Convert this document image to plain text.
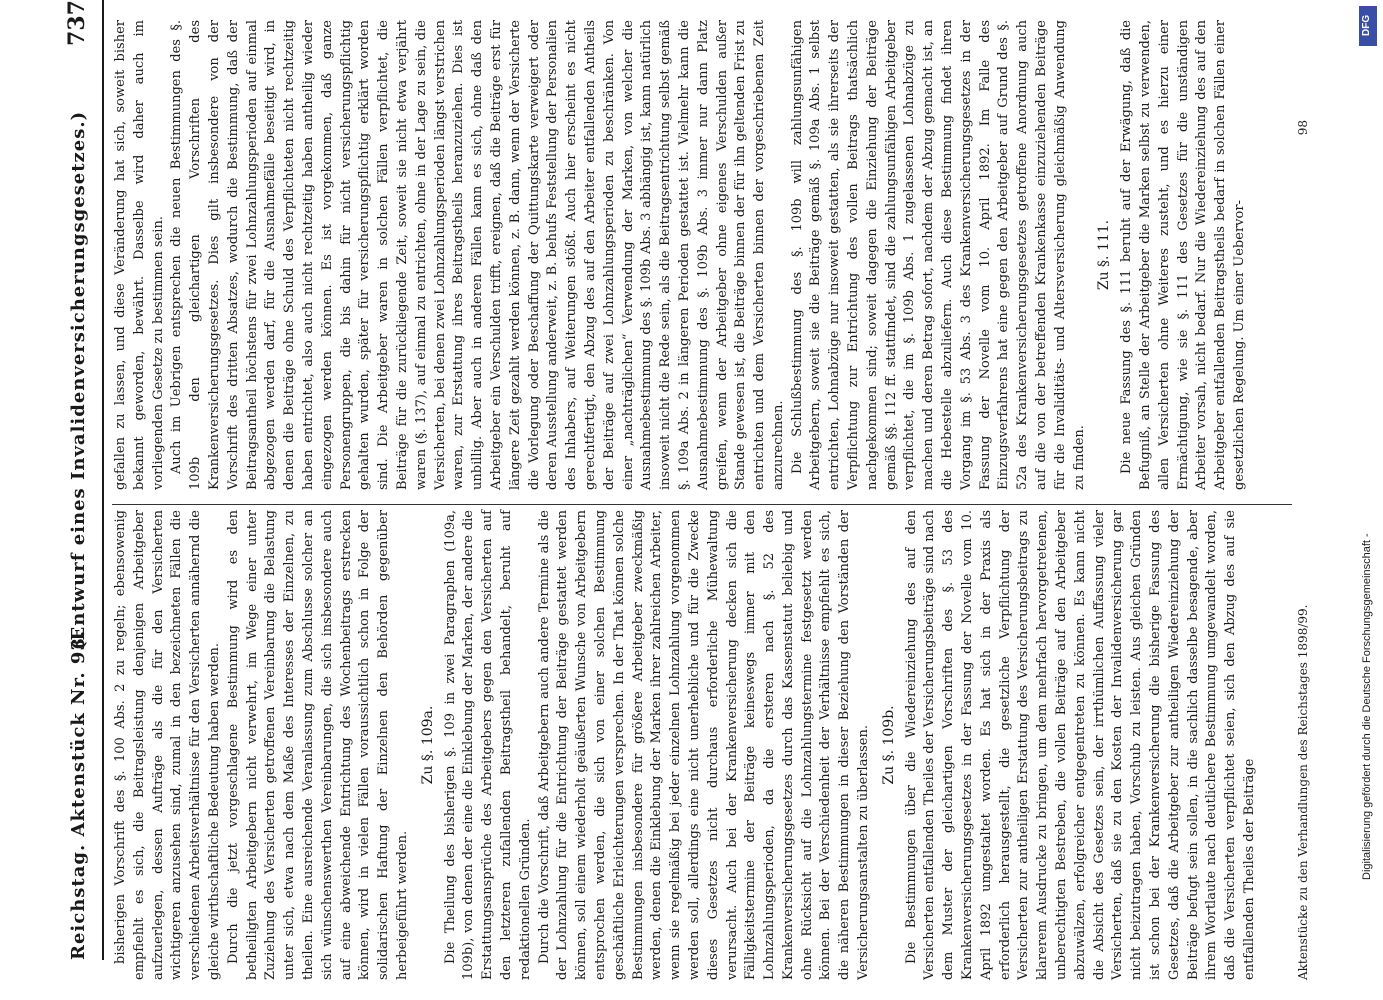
Reichstag. Aktenstück Nr. 93.
(Entwurf eines Invalidenversicherungsgesetzes.)
737

bisherigen Vorschrift des §. 100 Abs. 2 zu regeln; ebensowenig empfiehlt es sich, die Beitragsleistung denjenigen Arbeitgeber aufzuerlegen, dessen Aufträge als die für den Versicherten wichtigeren anzusehen sind, zumal in den bezeichneten Fällen die verschiedenen Arbeitsverhältnisse für den Versicherten annähernd die gleiche wirthschaftliche Bedeutung haben werden. Durch die jetzt vorgeschlagene Bestimmung wird es den betheiligten Arbeitgebern nicht verwehrt, im Wege einer unter Zuziehung des Versicherten getroffenen Vereinbarung die Belastung unter sich, etwa nach dem Maße des Interesses der Einzelnen, zu theilen. Eine ausreichende Veranlassung zum Abschlusse solcher an sich wünschenswerthen Vereinbarungen, die sich insbesondere auch auf eine abweichende Entrichtung des Wochenbeitrags erstrecken können, wird in vielen Fällen voraussichtlich schon in Folge der solidarischen Haftung der Einzelnen den Behörden gegenüber herbeigeführt werden.

Zu §. 109a. Die Theilung des bisherigen §. 109 in zwei Paragraphen (109a, 109b), von denen der eine die Einklebung der Marken, der andere die Erstattungsansprüche des Arbeitgebers gegen den Versicherten auf den letzteren zufallenden Beitragstheil behandelt, beruht auf redaktionellen Gründen. Durch die Vorschrift, daß Arbeitgebern auch andere Termine als die der Lohnzahlung für die Entrichtung der Beiträge gestattet werden können, soll einem wiederholt geäußerten Wunsche von Arbeitgebern entsprochen werden, die sich von einer solchen Bestimmung geschäftliche Erleichterungen versprechen. In der That können solche Bestimmungen insbesondere für größere Arbeitgeber zweckmäßig werden, denen die Einklebung der Marken ihrer zahlreichen Arbeiter, wenn sie regelmäßig bei jeder einzelnen Lohnzahlung vorgenommen werden soll, allerdings eine nicht unerhebliche und für die Zwecke dieses Gesetzes nicht durchaus erforderliche Mühewaltung verursacht. Auch bei der Krankenversicherung decken sich die Fälligkeitstermine der Beiträge keineswegs immer mit den Lohnzahlungsperioden, da die ersteren nach §. 52 des Krankenversicherungsgesetzes durch das Kassenstatut beliebig und ohne Rücksicht auf die Lohnzahlungstermine festgesetzt werden können. Bei der Verschiedenheit der Verhältnisse empfiehlt es sich, die näheren Bestimmungen in dieser Beziehung den Vorständen der Versicherungsanstalten zu überlassen. Zu §. 109b. Die Bestimmungen über die Wiedereinziehung des auf den Versicherten entfallenden Theiles der Versicherungsbeiträge sind nach dem Muster der gleichartigen Vorschriften des §. 53 des Krankenversicherungsgesetzes in der Fassung der Novelle vom 10. April 1892 umgestaltet worden. Es hat sich in der Praxis als erforderlich herausgestellt, die gesetzliche Verpflichtung der Versicherten zur antheiligen Erstattung des Versicherungsbeitrags zu klarerem Ausdrucke zu bringen, um dem mehrfach hervorgetretenen, unberechtigten Bestreben, die vollen Beiträge auf den Arbeitgeber abzuwälzen, erfolgreicher entgegentreten zu können. Es kann nicht die Absicht des Gesetzes sein, der irrthümlichen Auffassung vieler Versicherten, daß sie zu den Kosten der Invalidenversicherung gar nicht beizutragen haben, Vorschub zu leisten. Aus gleichen Gründen ist schon bei der Krankenversicherung die bisherige Fassung des Gesetzes, daß die Arbeitgeber zur antheiligen Wiedereinziehung der Beiträge befugt sein sollen, in die sachlich dasselbe besagende, aber ihrem Wortlaute nach deutlichere Bestimmung umgewandelt worden, daß die Versicherten verpflichtet seien, sich den Abzug des auf sie entfallenden Theiles der Beiträge

gefallen zu lassen, und diese Veränderung hat sich, soweit bisher bekannt geworden, bewährt. Dasselbe wird daher auch im vorliegenden Gesetze zu bestimmen sein. Auch im Uebrigen entsprechen die neuen Bestimmungen des §. 109b den gleichartigen Vorschriften des Krankenversicherungsgesetzes. Dies gilt insbesondere von der Vorschrift des dritten Absatzes, wodurch die Bestimmung, daß der Beitragsantheil höchstens für zwei Lohnzahlungsperioden auf einmal abgezogen werden darf, für die Ausnahmefälle beseitigt wird, in denen die Beiträge ohne Schuld des Verpflichteten nicht rechtzeitig haben entrichtet, also auch nicht rechtzeitig haben antheilig wieder eingezogen werden können. Es ist vorgekommen, daß ganze Personengruppen, die bis dahin für nicht versicherungspflichtig gehalten wurden, später für versicherungspflichtig erklärt worden sind. Die Arbeitgeber waren in solchen Fällen verpflichtet, die Beiträge für die zurückliegende Zeit, soweit sie nicht etwa verjährt waren (§. 137), auf einmal zu entrichten, ohne in der Lage zu sein, die Versicherten, bei denen zwei Lohnzahlungsperioden längst verstrichen waren, zur Erstattung ihres Beitragstheils heranzuziehen. Dies ist unbillig. Aber auch in anderen Fällen kann es sich, ohne daß den Arbeitgeber ein Verschulden trifft, ereignen, daß die Beiträge erst für längere Zeit gezahlt werden können, z. B. dann, wenn der Versicherte die Vorlegung oder Beschaffung der Quittungskarte verweigert oder deren Ausstellung anderweit, z. B. behufs Feststellung der Personalien des Inhabers, auf Weiterungen stößt. Auch hier erscheint es nicht gerechtfertigt, den Abzug des auf den Arbeiter entfallenden Antheils der Beiträge auf zwei Lohnzahlungsperioden zu beschränken. Von einer „nachträglichen“ Verwendung der Marken, von welcher die Ausnahmebestimmung des §. 109b Abs. 3 abhängig ist, kann natürlich insoweit nicht die Rede sein, als die Beitragsentrichtung selbst gemäß §. 109a Abs. 2 in längeren Perioden gestattet ist. Vielmehr kann die Ausnahmebestimmung des §. 109b Abs. 3 immer nur dann Platz greifen, wenn der Arbeitgeber ohne eigenes Verschulden außer Stande gewesen ist, die Beiträge binnen der für ihn geltenden Frist zu entrichten und dem Versicherten binnen der vorgeschriebenen Zeit anzurechnen. Die Schlußbestimmung des §. 109b will zahlungsunfähigen Arbeitgebern, soweit sie die Beiträge gemäß §. 109a Abs. 1 selbst entrichten, Lohnabzüge nur insoweit gestatten, als sie ihrerseits der Verpflichtung zur Entrichtung des vollen Beitrags thatsächlich nachgekommen sind; soweit dagegen die Einziehung der Beiträge gemäß §§. 112 ff. stattfindet, sind die zahlungsunfähigen Arbeitgeber verpflichtet, die im §. 109b Abs. 1 zugelassenen Lohnabzüge zu machen und deren Betrag sofort, nachdem der Abzug gemacht ist, an die Hebestelle abzuliefern. Auch diese Bestimmung findet ihren Vorgang im §. 53 Abs. 3 des Krankenversicherungsgesetzes in der Fassung der Novelle vom 10. April 1892. Im Falle des Einzugsverfahrens hat eine gegen den Arbeitgeber auf Grund des §. 52a des Krankenversicherungsgesetzes getroffene Anordnung auch auf die von der betreffenden Krankenkasse einzuziehenden Beiträge für die Invaliditäts- und Altersversicherung gleichmäßig Anwendung zu finden.

Zu §. 111. Die neue Fassung des §. 111 beruht auf der Erwägung, daß die Befugniß, an Stelle der Arbeitgeber die Marken selbst zu verwenden, allen Versicherten ohne Weiteres zusteht, und es hierzu einer Ermächtigung, wie sie §. 111 des Gesetzes für die unständigen Arbeiter vorsah, nicht bedarf. Nur die Wiedereinziehung des auf den Arbeitgeber entfallenden Beitragstheils bedarf in solchen Fällen einer gesetzlichen Regelung. Um einer Uebervor-

Aktenstücke zu den Verhandlungen des Reichstages 1898/99.
98
Digitalisierung gefördert durch die Deutsche Forschungsgemeinschaft -
DFG
